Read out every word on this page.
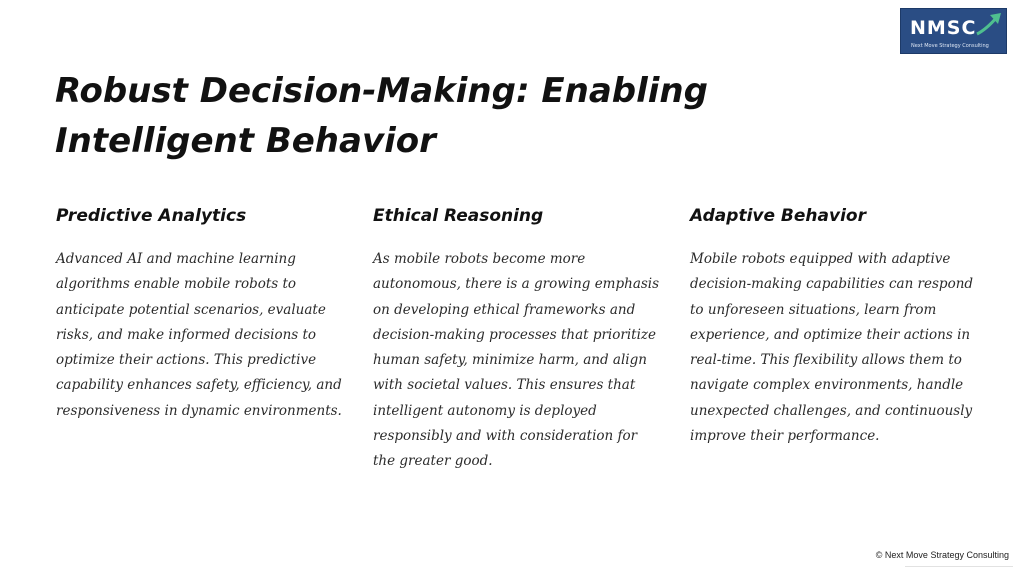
NMSC
Next Move Strategy Consulting
Robust Decision-Making: Enabling Intelligent Behavior
Predictive Analytics

Advanced AI and machine learning algorithms enable mobile robots to anticipate potential scenarios, evaluate risks, and make informed decisions to optimize their actions. This predictive capability enhances safety, efficiency, and responsiveness in dynamic environments.

Ethical Reasoning

As mobile robots become more autonomous, there is a growing emphasis on developing ethical frameworks and decision-making processes that prioritize human safety, minimize harm, and align with societal values. This ensures that intelligent autonomy is deployed responsibly and with consideration for the greater good.

Adaptive Behavior

Mobile robots equipped with adaptive decision-making capabilities can respond to unforeseen situations, learn from experience, and optimize their actions in real-time. This flexibility allows them to navigate complex environments, handle unexpected challenges, and continuously improve their performance.

© Next Move Strategy Consulting
